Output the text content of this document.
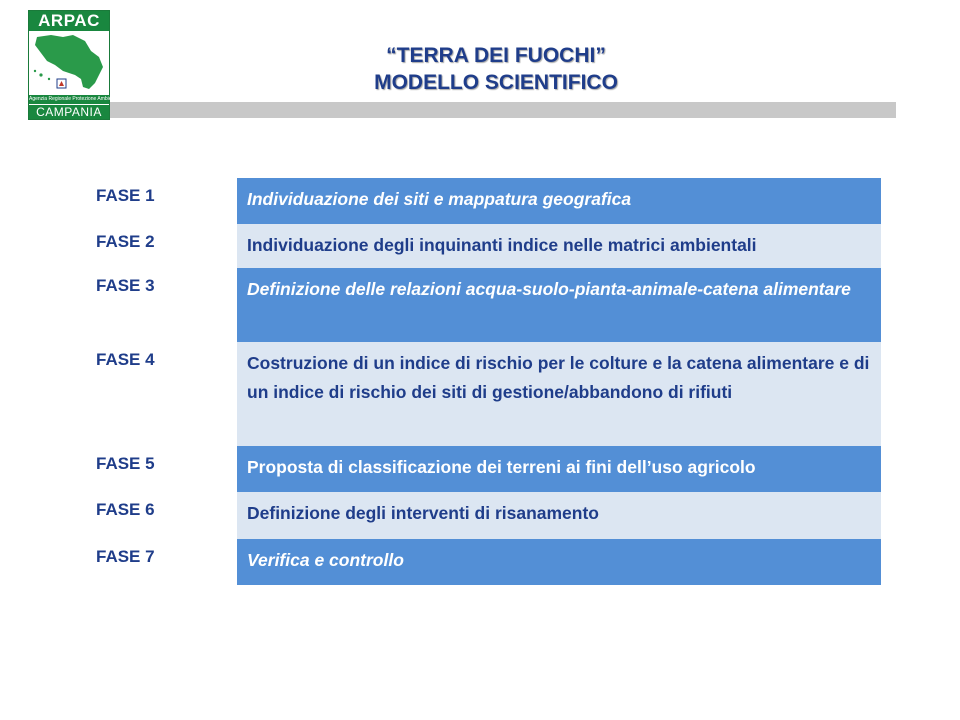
ARPAC
Agenzia Regionale Protezione Ambientale
CAMPANIA
“TERRA DEI FUOCHI”
MODELLO SCIENTIFICO
FASE 1	Individuazione dei siti e mappatura geografica
FASE 2	Individuazione degli inquinanti indice nelle matrici ambientali
FASE 3	Definizione delle relazioni acqua-suolo-pianta-animale-catena alimentare
FASE 4	Costruzione di un indice di rischio per le colture e la catena alimentare e di un indice di rischio dei siti di gestione/abbandono di rifiuti
FASE 5	Proposta di classificazione dei terreni ai fini dell’uso agricolo
FASE 6	Definizione degli interventi di risanamento
FASE 7	Verifica e controllo
